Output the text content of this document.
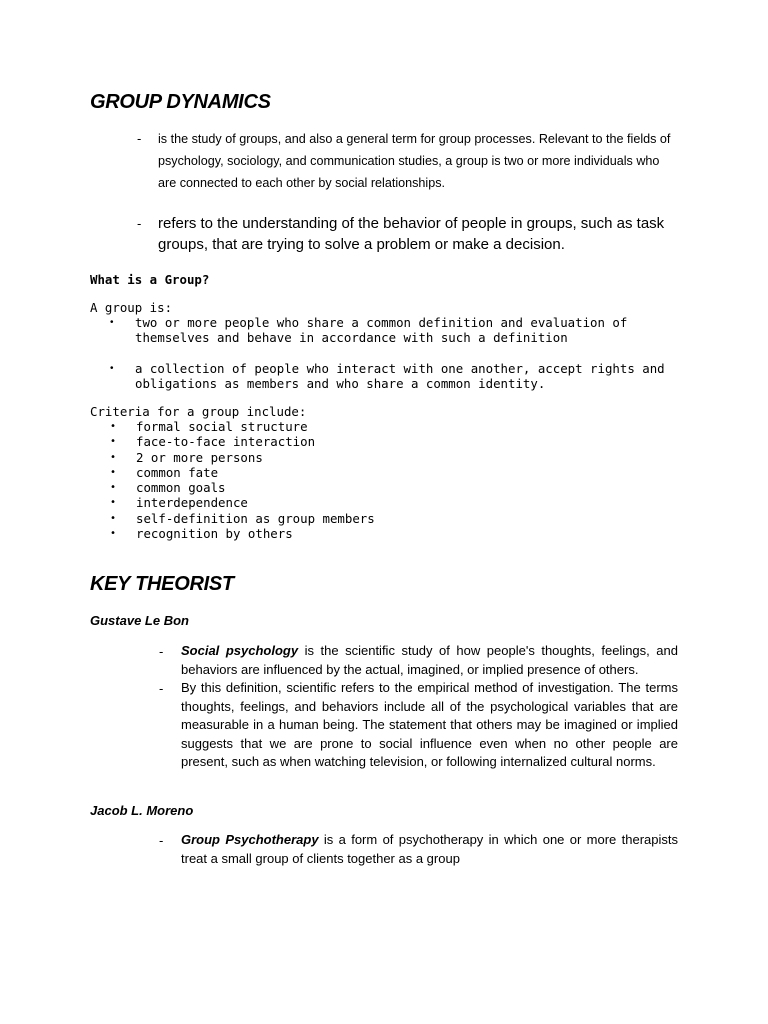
GROUP DYNAMICS
- is the study of groups, and also a general term for group processes. Relevant to the fields of psychology, sociology, and communication studies, a group is two or more individuals who are connected to each other by social relationships.
- refers to the understanding of the behavior of people in groups, such as task groups, that are trying to solve a problem or make a decision.
What is a Group?
A group is:
• two or more people who share a common definition and evaluation of themselves and behave in accordance with such a definition
• a collection of people who interact with one another, accept rights and obligations as members and who share a common identity.
Criteria for a group include:
• formal social structure
• face-to-face interaction
• 2 or more persons
• common fate
• common goals
• interdependence
• self-definition as group members
• recognition by others
KEY THEORIST
Gustave Le Bon
- Social psychology is the scientific study of how people's thoughts, feelings, and behaviors are influenced by the actual, imagined, or implied presence of others.
- By this definition, scientific refers to the empirical method of investigation. The terms thoughts, feelings, and behaviors include all of the psychological variables that are measurable in a human being. The statement that others may be imagined or implied suggests that we are prone to social influence even when no other people are present, such as when watching television, or following internalized cultural norms.
Jacob L. Moreno
- Group Psychotherapy is a form of psychotherapy in which one or more therapists treat a small group of clients together as a group
